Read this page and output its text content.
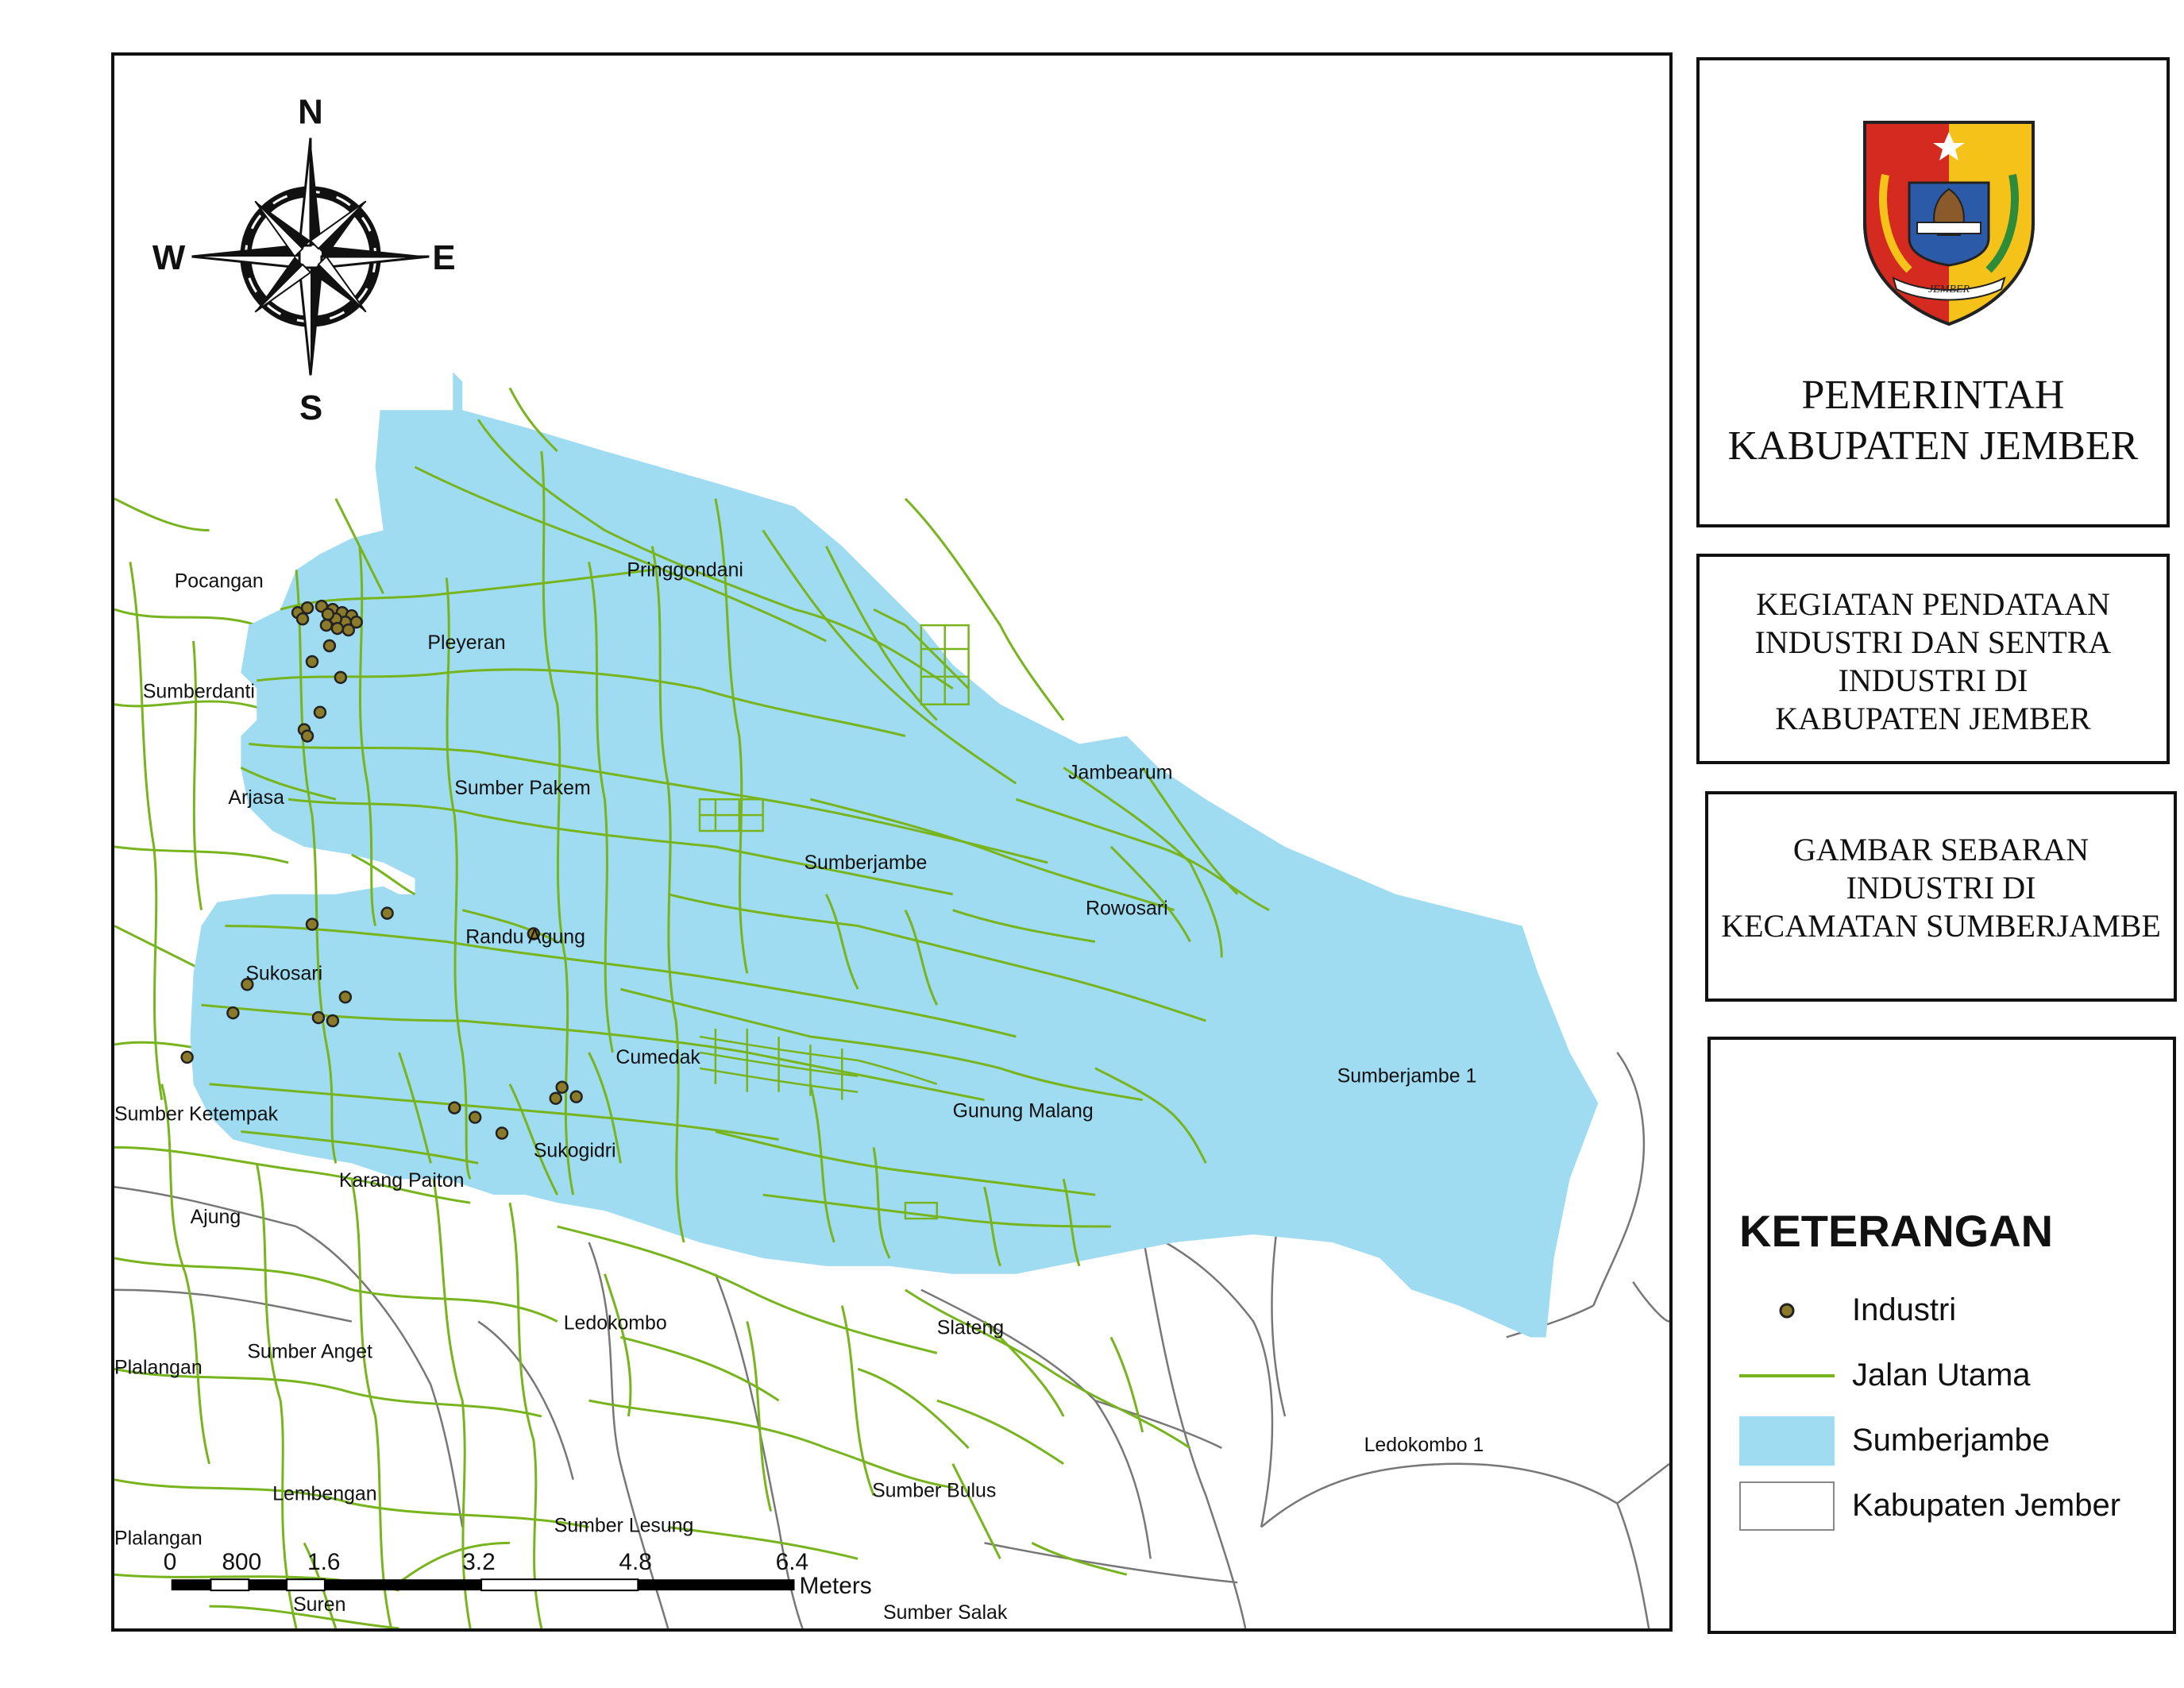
Pocangan	Pringgondani
Pleyeran
Sumberdanti
Arjasa	Sumber Pakem
Jambearum
Sumberjambe
Rowosari
Randu Agung
Sukosari
Cumedak
Sumberjambe 1
Gunung Malang
Sumber Ketempak
Sukogidri
Karang Paiton
Ajung
Ledokombo	Slateng
Sumber Anget
Plalangan
Ledokombo 1
Lembengan	Sumber Bulus
Sumber Lesung
Plalangan
Suren	Sumber Salak
0 800 1.6	3.2	4.8	6.4
Meters
N
S
E
W
JEMBER
PEMERINTAH
KABUPATEN JEMBER
KEGIATAN PENDATAAN
INDUSTRI DAN SENTRA
INDUSTRI DI
KABUPATEN JEMBER
GAMBAR SEBARAN
INDUSTRI DI
KECAMATAN SUMBERJAMBE
KETERANGAN
Industri
Jalan Utama
Sumberjambe
Kabupaten Jember
